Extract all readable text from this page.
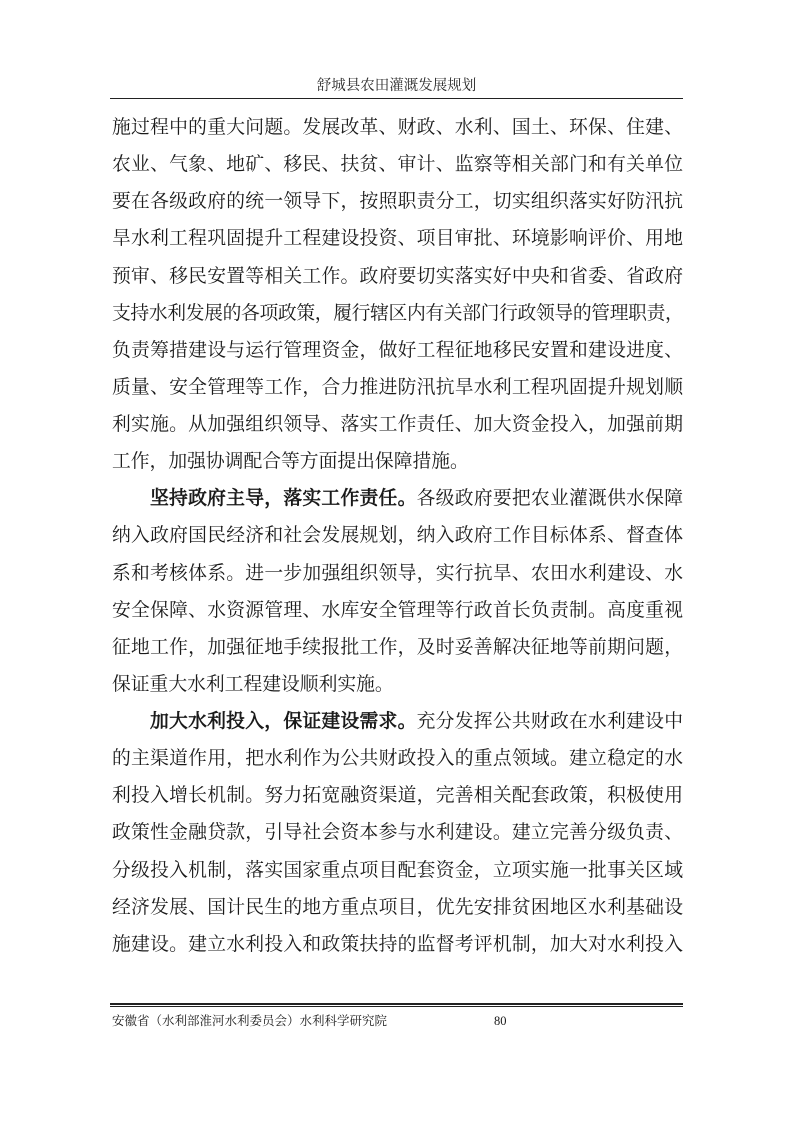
舒城县农田灌溉发展规划
施过程中的重大问题。发展改革、财政、水利、国土、环保、住建、
农业、气象、地矿、移民、扶贫、审计、监察等相关部门和有关单位
要在各级政府的统一领导下，按照职责分工，切实组织落实好防汛抗
旱水利工程巩固提升工程建设投资、项目审批、环境影响评价、用地
预审、移民安置等相关工作。政府要切实落实好中央和省委、省政府
支持水利发展的各项政策，履行辖区内有关部门行政领导的管理职责，
负责筹措建设与运行管理资金，做好工程征地移民安置和建设进度、
质量、安全管理等工作，合力推进防汛抗旱水利工程巩固提升规划顺
利实施。从加强组织领导、落实工作责任、加大资金投入，加强前期
工作，加强协调配合等方面提出保障措施。
坚持政府主导，落实工作责任。各级政府要把农业灌溉供水保障
纳入政府国民经济和社会发展规划，纳入政府工作目标体系、督查体
系和考核体系。进一步加强组织领导，实行抗旱、农田水利建设、水
安全保障、水资源管理、水库安全管理等行政首长负责制。高度重视
征地工作，加强征地手续报批工作，及时妥善解决征地等前期问题，
保证重大水利工程建设顺利实施。
加大水利投入，保证建设需求。充分发挥公共财政在水利建设中
的主渠道作用，把水利作为公共财政投入的重点领域。建立稳定的水
利投入增长机制。努力拓宽融资渠道，完善相关配套政策，积极使用
政策性金融贷款，引导社会资本参与水利建设。建立完善分级负责、
分级投入机制，落实国家重点项目配套资金，立项实施一批事关区域
经济发展、国计民生的地方重点项目，优先安排贫困地区水利基础设
施建设。建立水利投入和政策扶持的监督考评机制，加大对水利投入
安徽省（水利部淮河水利委员会）水利科学研究院	80
